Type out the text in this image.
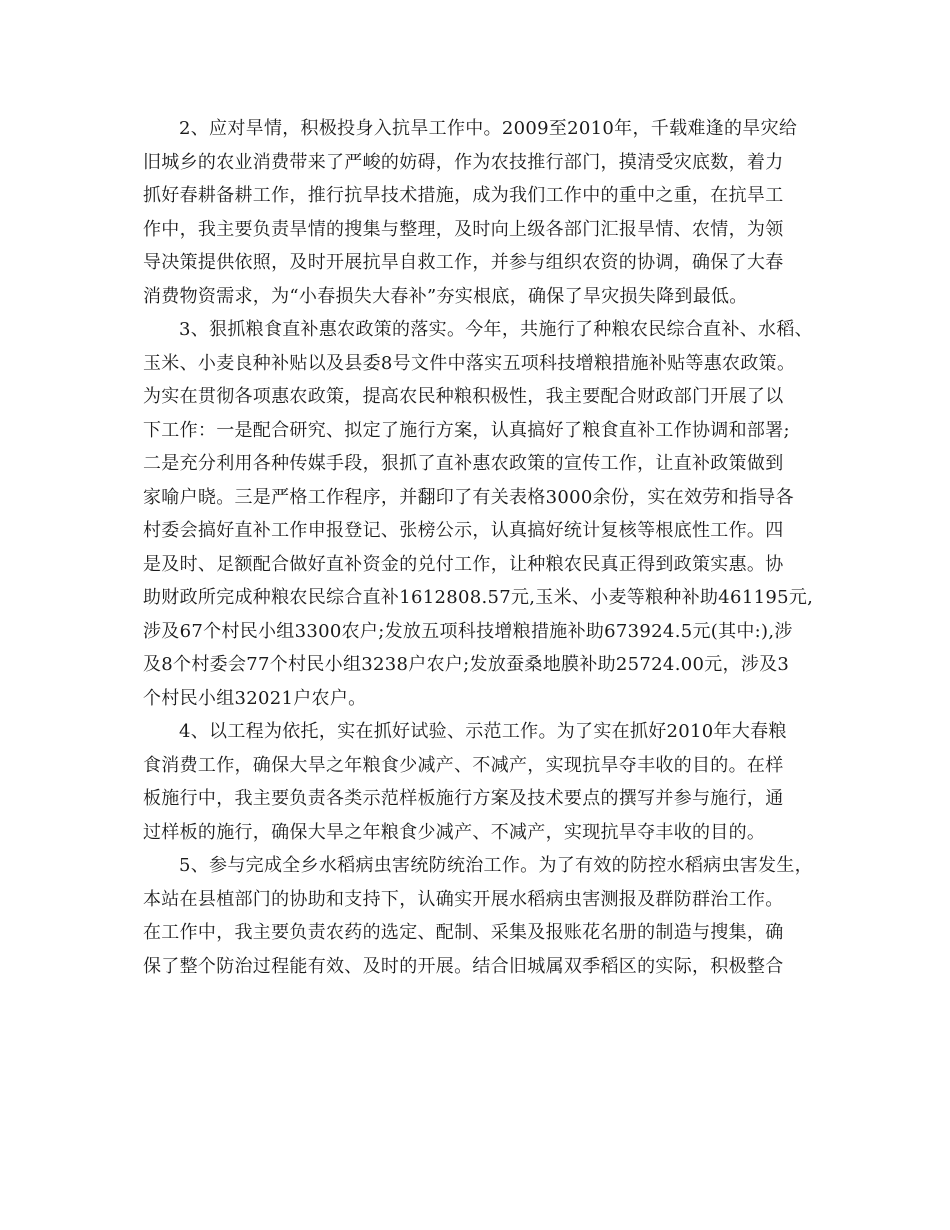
2、应对旱情，积极投身入抗旱工作中。2009至2010年，千载难逢的旱灾给
旧城乡的农业消费带来了严峻的妨碍，作为农技推行部门，摸清受灾底数，着力
抓好春耕备耕工作，推行抗旱技术措施，成为我们工作中的重中之重，在抗旱工
作中，我主要负责旱情的搜集与整理，及时向上级各部门汇报旱情、农情，为领
导决策提供依照，及时开展抗旱自救工作，并参与组织农资的协调，确保了大春
消费物资需求，为“小春损失大春补”夯实根底，确保了旱灾损失降到最低。
3、狠抓粮食直补惠农政策的落实。今年，共施行了种粮农民综合直补、水稻、
玉米、小麦良种补贴以及县委8号文件中落实五项科技增粮措施补贴等惠农政策。
为实在贯彻各项惠农政策，提高农民种粮积极性，我主要配合财政部门开展了以
下工作：一是配合研究、拟定了施行方案，认真搞好了粮食直补工作协调和部署;
二是充分利用各种传媒手段，狠抓了直补惠农政策的宣传工作，让直补政策做到
家喻户晓。三是严格工作程序，并翻印了有关表格3000余份，实在效劳和指导各
村委会搞好直补工作申报登记、张榜公示，认真搞好统计复核等根底性工作。四
是及时、足额配合做好直补资金的兑付工作，让种粮农民真正得到政策实惠。协
助财政所完成种粮农民综合直补1612808.57元,玉米、小麦等粮种补助461195元,
涉及67个村民小组3300农户;发放五项科技增粮措施补助673924.5元(其中:),涉
及8个村委会77个村民小组3238户农户;发放蚕桑地膜补助25724.00元，涉及3
个村民小组32021户农户。
4、以工程为依托，实在抓好试验、示范工作。为了实在抓好2010年大春粮
食消费工作，确保大旱之年粮食少减产、不减产，实现抗旱夺丰收的目的。在样
板施行中，我主要负责各类示范样板施行方案及技术要点的撰写并参与施行，通
过样板的施行，确保大旱之年粮食少减产、不减产，实现抗旱夺丰收的目的。
5、参与完成全乡水稻病虫害统防统治工作。为了有效的防控水稻病虫害发生，
本站在县植部门的协助和支持下，认确实开展水稻病虫害测报及群防群治工作。
在工作中，我主要负责农药的选定、配制、采集及报账花名册的制造与搜集，确
保了整个防治过程能有效、及时的开展。结合旧城属双季稻区的实际，积极整合
